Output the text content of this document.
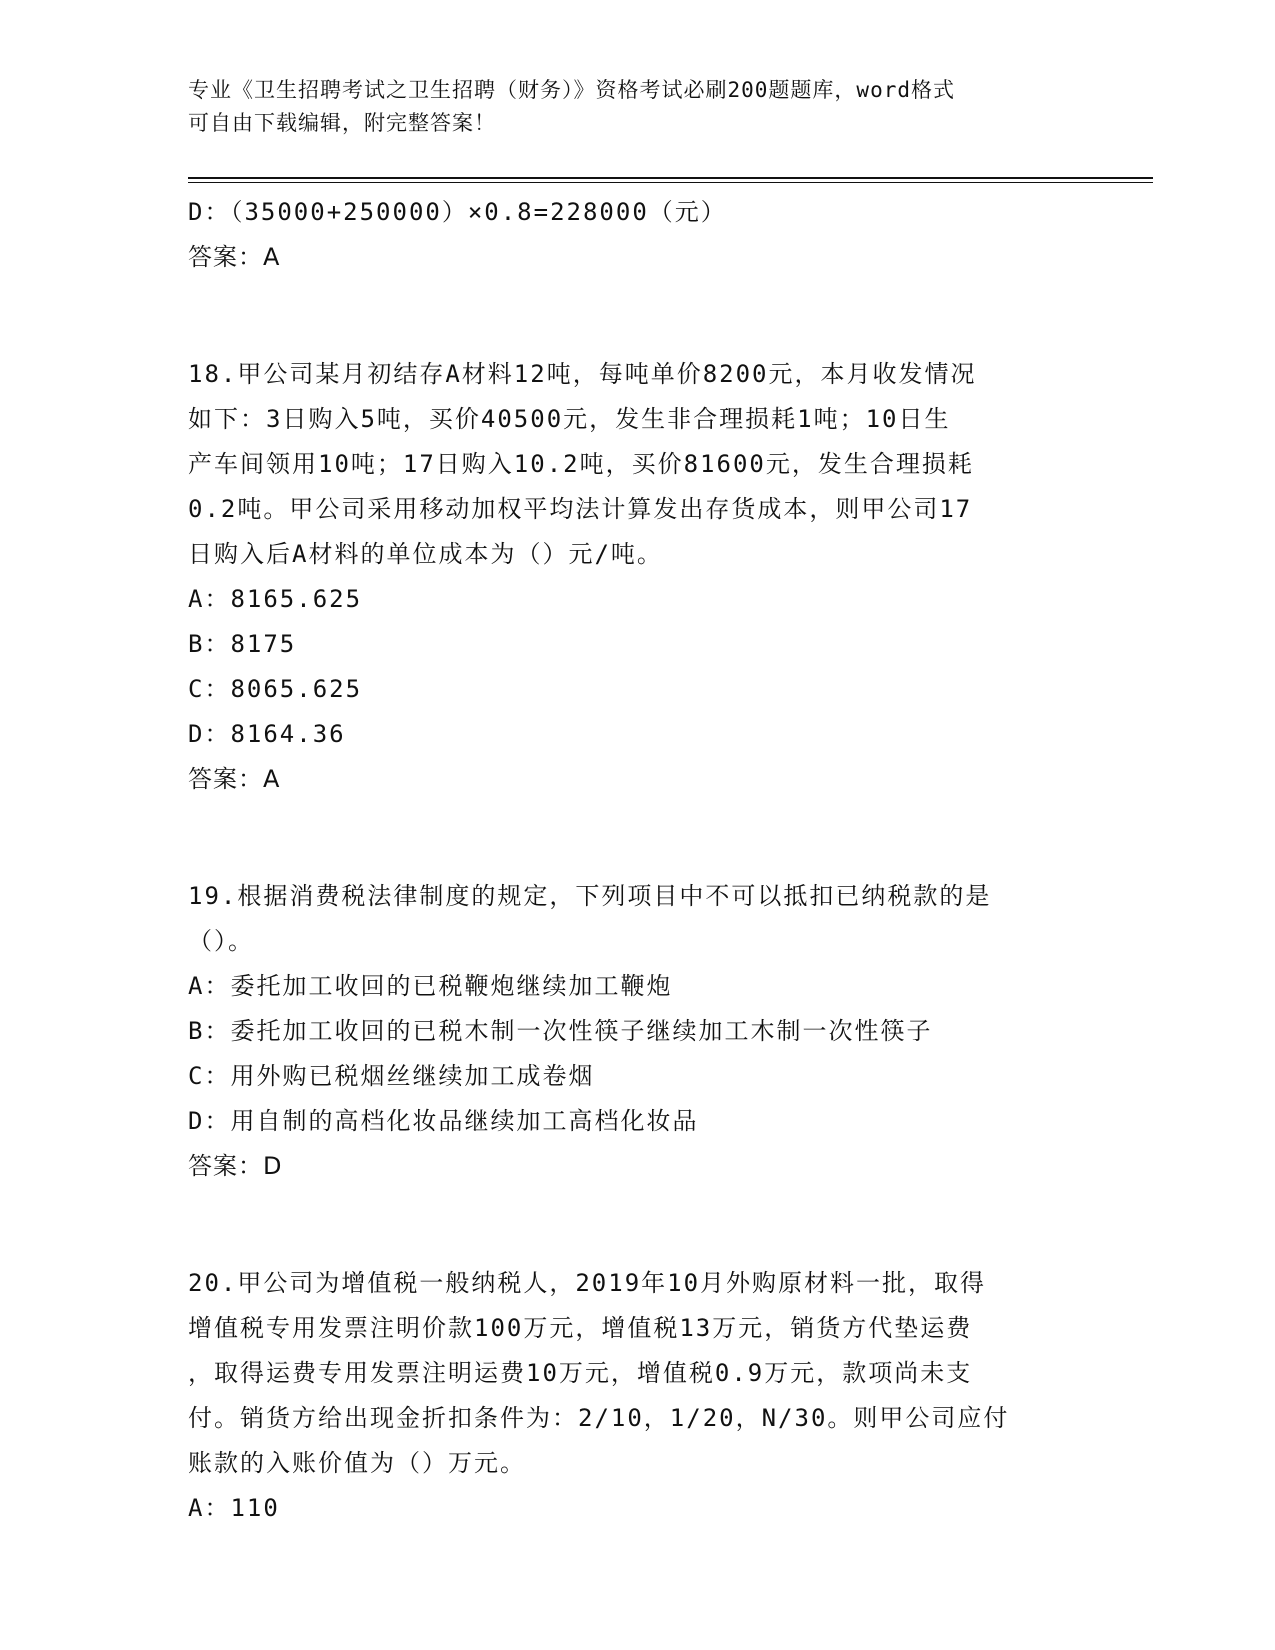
专业《卫生招聘考试之卫生招聘（财务）》资格考试必刷200题题库，word格式
可自由下载编辑，附完整答案！
D：（35000+250000）×0.8=228000（元）
答案：A
18.甲公司某月初结存A材料12吨，每吨单价8200元，本月收发情况
如下：3日购入5吨，买价40500元，发生非合理损耗1吨；10日生
产车间领用10吨；17日购入10.2吨，买价81600元，发生合理损耗
0.2吨。甲公司采用移动加权平均法计算发出存货成本，则甲公司17
日购入后A材料的单位成本为（）元/吨。
A：8165.625
B：8175
C：8065.625
D：8164.36
答案：A
19.根据消费税法律制度的规定，下列项目中不可以抵扣已纳税款的是
（）。
A：委托加工收回的已税鞭炮继续加工鞭炮
B：委托加工收回的已税木制一次性筷子继续加工木制一次性筷子
C：用外购已税烟丝继续加工成卷烟
D：用自制的高档化妆品继续加工高档化妆品
答案：D
20.甲公司为增值税一般纳税人，2019年10月外购原材料一批，取得
增值税专用发票注明价款100万元，增值税13万元，销货方代垫运费
，取得运费专用发票注明运费10万元，增值税0.9万元，款项尚未支
付。销货方给出现金折扣条件为：2/10，1/20，N/30。则甲公司应付
账款的入账价值为（）万元。
A：110
